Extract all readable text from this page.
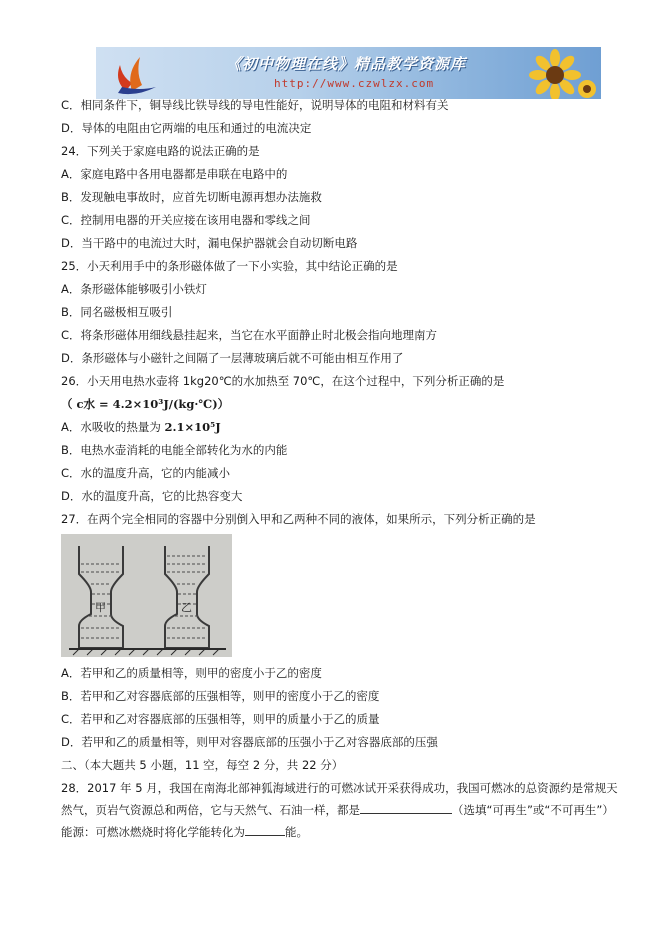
《初中物理在线》精品教学资源库
http://www.czwlzx.com
C．相同条件下，铜导线比铁导线的导电性能好，说明导体的电阻和材料有关
D．导体的电阻由它两端的电压和通过的电流决定
24．下列关于家庭电路的说法正确的是
A．家庭电路中各用电器都是串联在电路中的
B．发现触电事故时，应首先切断电源再想办法施救
C．控制用电器的开关应接在该用电器和零线之间
D．当干路中的电流过大时，漏电保护器就会自动切断电路
25．小天利用手中的条形磁体做了一下小实验，其中结论正确的是
A．条形磁体能够吸引小铁灯
B．同名磁极相互吸引
C．将条形磁体用细线悬挂起来，当它在水平面静止时北极会指向地理南方
D．条形磁体与小磁针之间隔了一层薄玻璃后就不可能由相互作用了
26．小天用电热水壶将 1kg20℃的水加热至 70℃，在这个过程中，下列分析正确的是
（ c水 = 4.2×10³J/(kg·℃)）
A．水吸收的热量为 2.1×10⁵J
B．电热水壶消耗的电能全部转化为水的内能
C．水的温度升高，它的内能减小
D．水的温度升高，它的比热容变大
27．在两个完全相同的容器中分别倒入甲和乙两种不同的液体，如果所示，下列分析正确的是
甲	乙
A．若甲和乙的质量相等，则甲的密度小于乙的密度
B．若甲和乙对容器底部的压强相等，则甲的密度小于乙的密度
C．若甲和乙对容器底部的压强相等，则甲的质量小于乙的质量
D．若甲和乙的质量相等，则甲对容器底部的压强小于乙对容器底部的压强
二、（本大题共 5 小题，11 空，每空 2 分，共 22 分）
28．2017 年 5 月，我国在南海北部神狐海域进行的可燃冰试开采获得成功，我国可燃冰的总资源约是常规天然气，页岩气资源总和两倍，它与天然气、石油一样，都是	（选填“可再生”或“不可再生”）能源：可燃冰燃烧时将化学能转化为	能。
